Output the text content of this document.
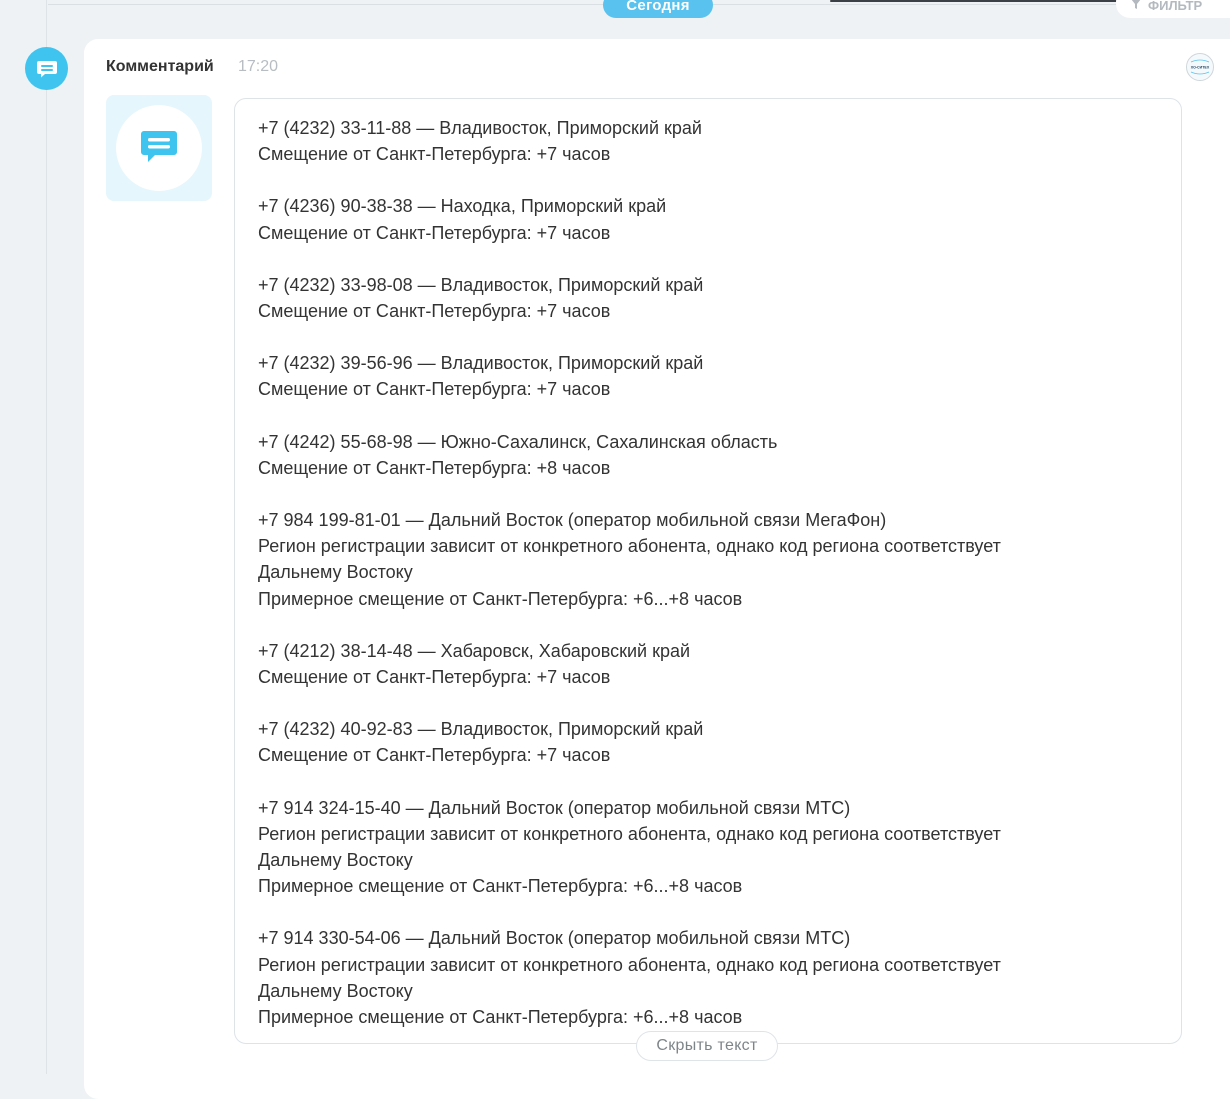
Сегодня	ФИЛЬТР
Комментарий 17:20	ХО-СИТЕХ
+7 (4232) 33-11-88 — Владивосток, Приморский край
Смещение от Санкт-Петербурга: +7 часов
+7 (4236) 90-38-38 — Находка, Приморский край
Смещение от Санкт-Петербурга: +7 часов
+7 (4232) 33-98-08 — Владивосток, Приморский край
Смещение от Санкт-Петербурга: +7 часов
+7 (4232) 39-56-96 — Владивосток, Приморский край
Смещение от Санкт-Петербурга: +7 часов
+7 (4242) 55-68-98 — Южно-Сахалинск, Сахалинская область
Смещение от Санкт-Петербурга: +8 часов
+7 984 199-81-01 — Дальний Восток (оператор мобильной связи МегаФон)
Регион регистрации зависит от конкретного абонента, однако код региона соответствует
Дальнему Востоку
Примерное смещение от Санкт-Петербурга: +6...+8 часов
+7 (4212) 38-14-48 — Хабаровск, Хабаровский край
Смещение от Санкт-Петербурга: +7 часов
+7 (4232) 40-92-83 — Владивосток, Приморский край
Смещение от Санкт-Петербурга: +7 часов
+7 914 324-15-40 — Дальний Восток (оператор мобильной связи МТС)
Регион регистрации зависит от конкретного абонента, однако код региона соответствует
Дальнему Востоку
Примерное смещение от Санкт-Петербурга: +6...+8 часов
+7 914 330-54-06 — Дальний Восток (оператор мобильной связи МТС)
Регион регистрации зависит от конкретного абонента, однако код региона соответствует
Дальнему Востоку
Примерное смещение от Санкт-Петербурга: +6...+8 часов
Скрыть текст
